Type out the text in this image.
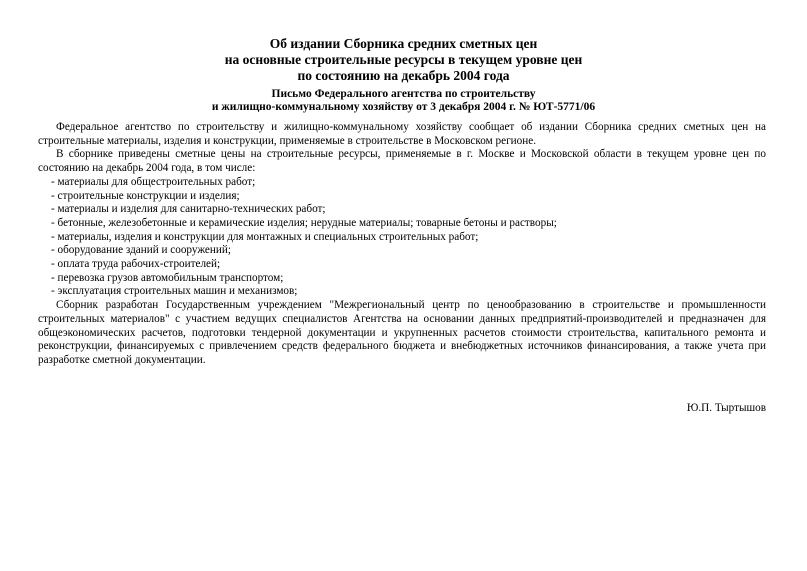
Об издании Сборника средних сметных цен
на основные строительные ресурсы в текущем уровне цен
по состоянию на декабрь 2004 года
Письмо Федерального агентства по строительству
и жилищно-коммунальному хозяйству от 3 декабря 2004 г. № ЮТ-5771/06

Федеральное агентство по строительству и жилищно-коммунальному хозяйству сообщает об издании Сборника средних сметных цен на строительные материалы, изделия и конструкции, применяемые в строительстве в Московском регионе.

В сборнике приведены сметные цены на строительные ресурсы, применяемые в г. Москве и Московской области в текущем уровне цен по состоянию на декабрь 2004 года, в том числе:

- материалы для общестроительных работ;

- строительные конструкции и изделия;

- материалы и изделия для санитарно-технических работ;

- бетонные, железобетонные и керамические изделия; нерудные материалы; товарные бетоны и растворы;

- материалы, изделия и конструкции для монтажных и специальных строительных работ;

- оборудование зданий и сооружений;

- оплата труда рабочих-строителей;

- перевозка грузов автомобильным транспортом;

- эксплуатация строительных машин и механизмов;

Сборник разработан Государственным учреждением "Межрегиональный центр по ценообразованию в строительстве и промышленности строительных материалов" с участием ведущих специалистов Агентства на основании данных предприятий-производителей и предназначен для общеэкономических расчетов, подготовки тендерной документации и укрупненных расчетов стоимости строительства, капитального ремонта и реконструкции, финансируемых с привлечением средств федерального бюджета и внебюджетных источников финансирования, а также учета при разработке сметной документации.

Ю.П. Тыртышов
